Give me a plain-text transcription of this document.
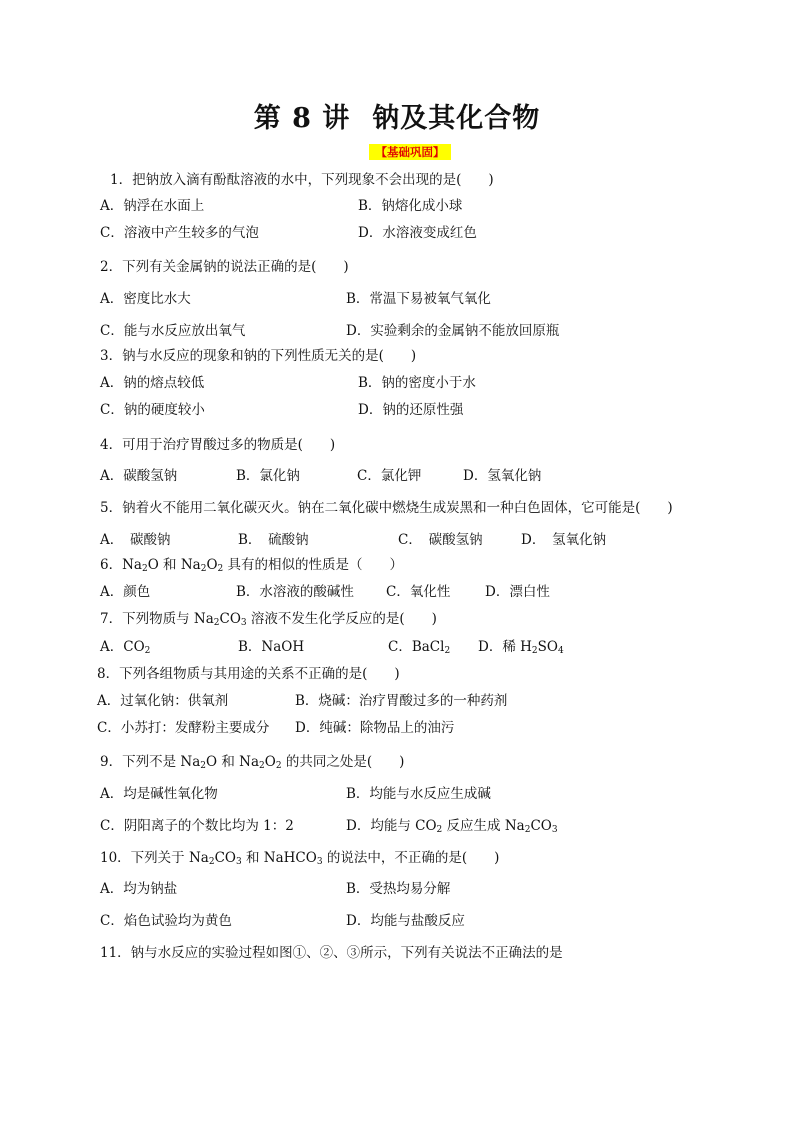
第 8 讲 钠及其化合物
【基础巩固】
1．把钠放入滴有酚酞溶液的水中，下列现象不会出现的是(　　)
A．钠浮在水面上	B．钠熔化成小球
C．溶液中产生较多的气泡	D．水溶液变成红色
2．下列有关金属钠的说法正确的是(　　)
A．密度比水大	B．常温下易被氧气氧化
C．能与水反应放出氧气	D．实验剩余的金属钠不能放回原瓶
3．钠与水反应的现象和钠的下列性质无关的是(　　)
A．钠的熔点较低	B．钠的密度小于水
C．钠的硬度较小	D．钠的还原性强
4．可用于治疗胃酸过多的物质是(　　)
A．碳酸氢钠	B．氯化钠	C．氯化钾	D．氢氧化钠
5．钠着火不能用二氧化碳灭火。钠在二氧化碳中燃烧生成炭黑和一种白色固体，它可能是(　　)
A．　碳酸钠	B．　硫酸钠	C．　碳酸氢钠	D．　氢氧化钠
6．$Na_2O$ 和 $Na_2O_2$ 具有的相似的性质是（　　）
A．颜色	B．水溶液的酸碱性 C．氧化性	D．漂白性
7．下列物质与 $Na_2CO_3$ 溶液不发生化学反应的是(　　)
A．$CO_2$	B．NaOH	C．BaCl$_2$ D．稀 $H_2SO_4$
8．下列各组物质与其用途的关系不正确的是(　　)
A．过氧化钠：供氧剂	B．烧碱：治疗胃酸过多的一种药剂
C．小苏打：发酵粉主要成分 D．纯碱：除物品上的油污
9．下列不是 $Na_2O$ 和 $Na_2O_2$ 的共同之处是(　　)
A．均是碱性氧化物	B．均能与水反应生成碱
C．阴阳离子的个数比均为 1：2	D．均能与 $CO_2$ 反应生成 $Na_2CO_3$
10．下列关于 $Na_2CO_3$ 和 NaHCO$_3$ 的说法中，不正确的是(　　)
A．均为钠盐	B．受热均易分解
C．焰色试验均为黄色	D．均能与盐酸反应
11．钠与水反应的实验过程如图①、②、③所示，下列有关说法不正确法的是
